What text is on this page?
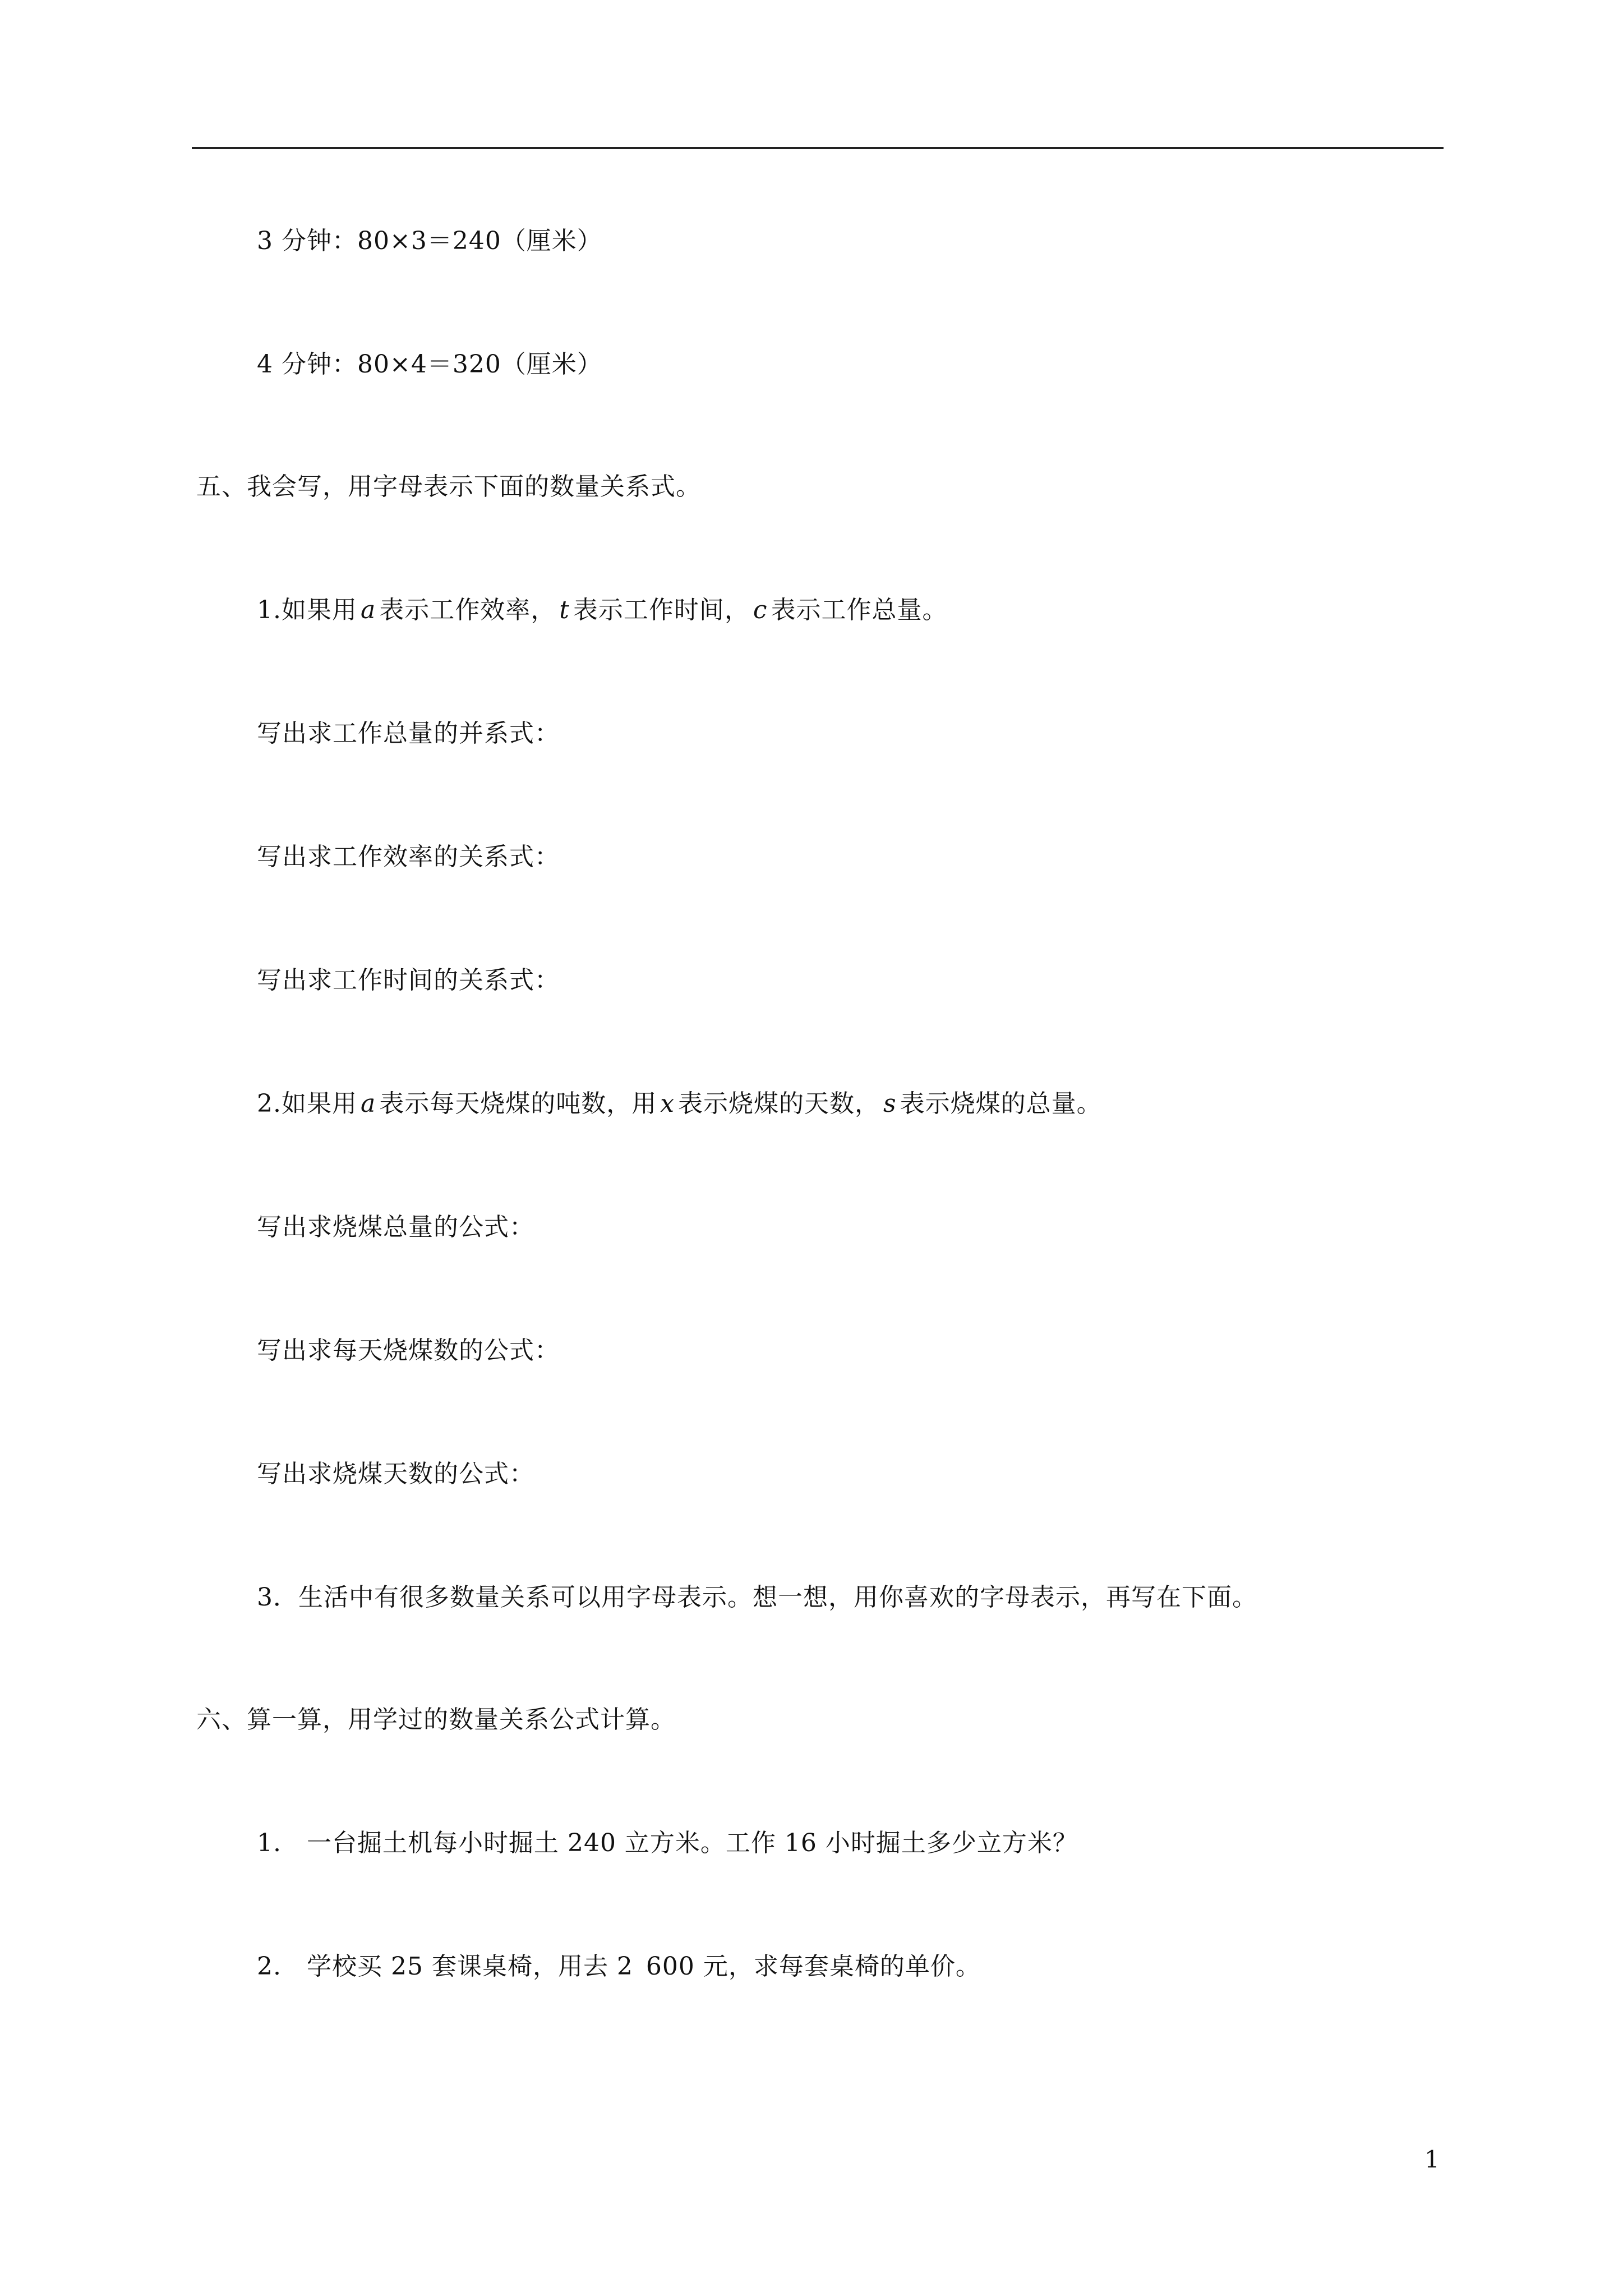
3 分钟：80×3＝240（厘米）
4 分钟：80×4＝320（厘米）
五、我会写，用字母表示下面的数量关系式。
1.如果用 a 表示工作效率， t 表示工作时间， c 表示工作总量。
写出求工作总量的并系式：
写出求工作效率的关系式：
写出求工作时间的关系式：
2.如果用 a 表示每天烧煤的吨数，用 x 表示烧煤的天数， s 表示烧煤的总量。
写出求烧煤总量的公式：
写出求每天烧煤数的公式：
写出求烧煤天数的公式：
3．生活中有很多数量关系可以用字母表示。想一想，用你喜欢的字母表示，再写在下面。
六、算一算，用学过的数量关系公式计算。
1. 一台掘土机每小时掘土 240 立方米。工作 16 小时掘土多少立方米？
2. 学校买 25 套课桌椅，用去 2 600 元，求每套桌椅的单价。
1
